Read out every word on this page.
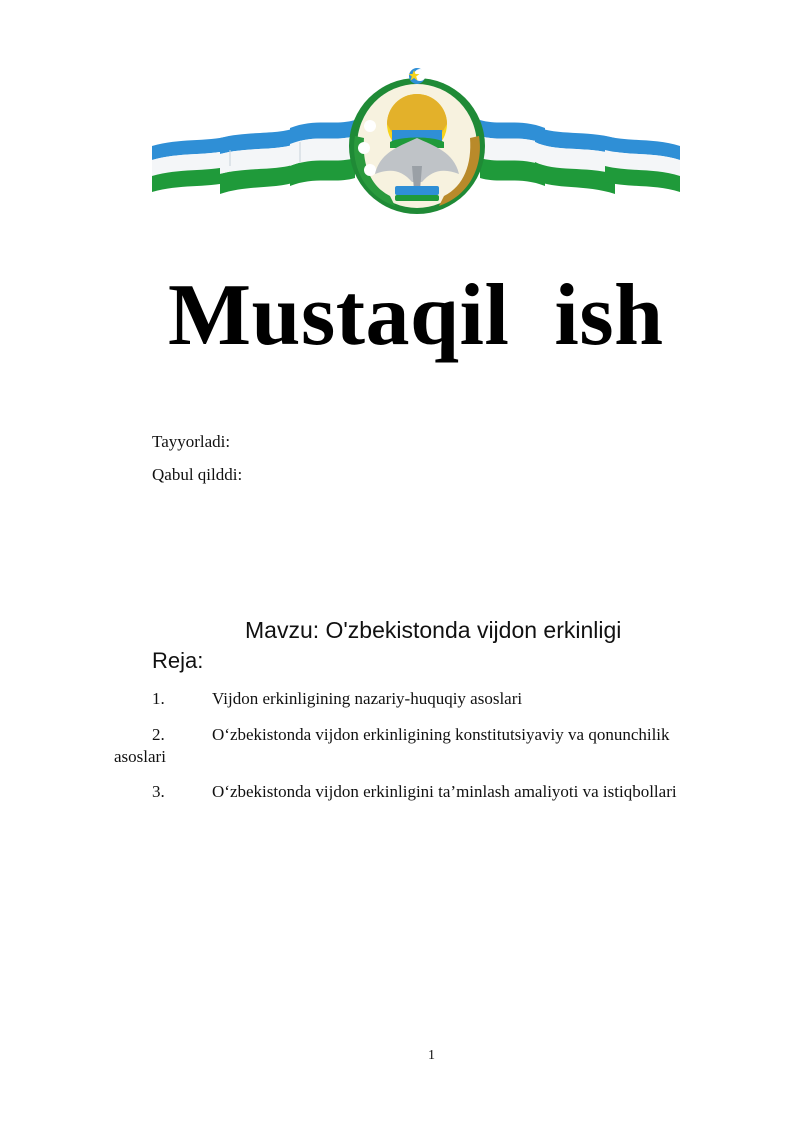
Mustaqil  ish
Tayyorladi:
Qabul qilddi:
Mavzu: O'zbekistonda vijdon erkinligi
Reja:
1.	Vijdon erkinligining nazariy-huquqiy asoslari
2.	O‘zbekistonda vijdon erkinligining konstitutsiyaviy va qonunchilik
asoslari
3.	O‘zbekistonda vijdon erkinligini ta’minlash amaliyoti va istiqbollari
1
